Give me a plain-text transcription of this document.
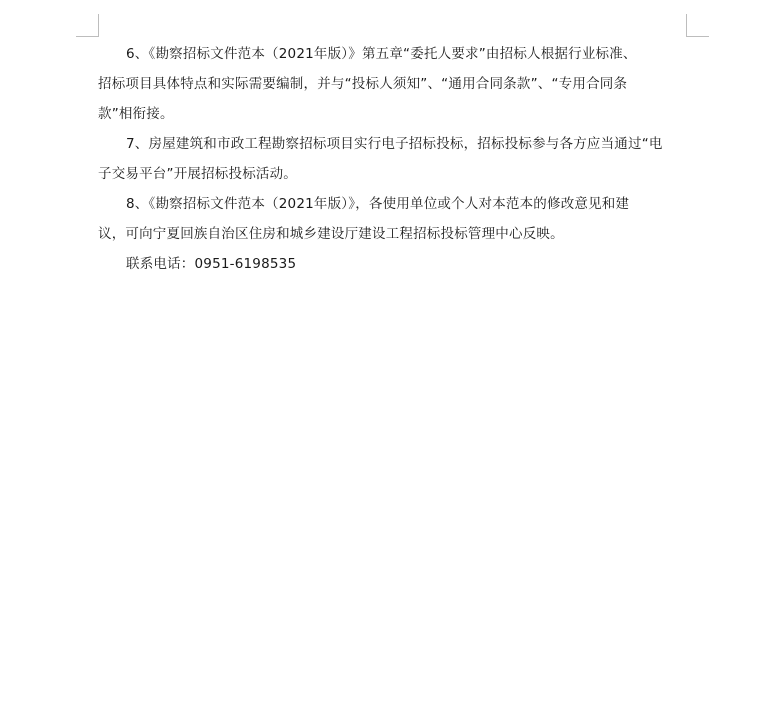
6、《勘察招标文件范本（2021年版）》第五章“委托人要求”由招标人根据行业标准、
招标项目具体特点和实际需要编制，并与“投标人须知”、“通用合同条款”、“专用合同条
款”相衔接。
7、房屋建筑和市政工程勘察招标项目实行电子招标投标，招标投标参与各方应当通过“电
子交易平台”开展招标投标活动。
8、《勘察招标文件范本（2021年版）》，各使用单位或个人对本范本的修改意见和建
议，可向宁夏回族自治区住房和城乡建设厅建设工程招标投标管理中心反映。
联系电话：0951-6198535
